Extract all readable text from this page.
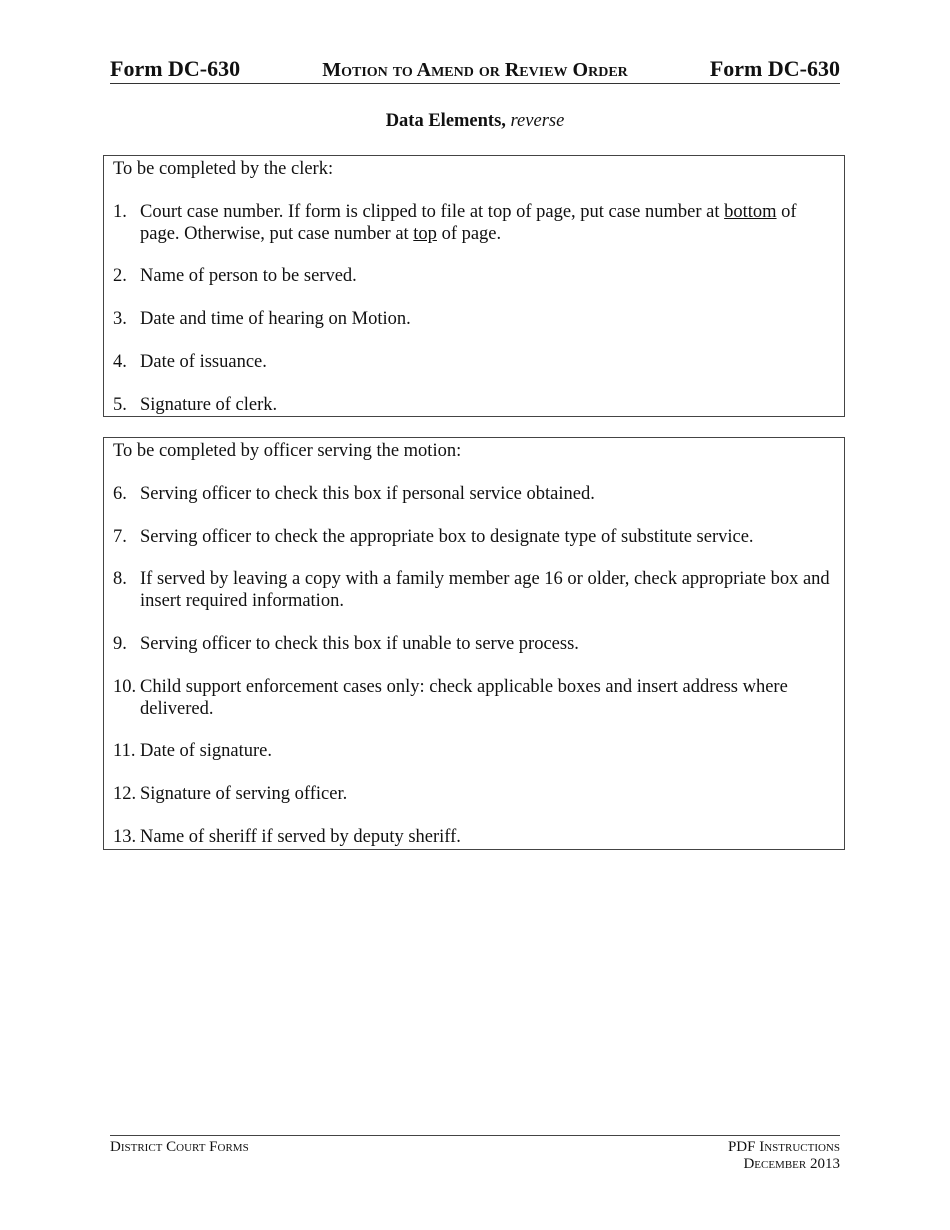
Form DC-630	Motion to Amend or Review Order	Form DC-630
Data Elements, reverse
To be completed by the clerk:
1. Court case number. If form is clipped to file at top of page, put case number at bottom of page. Otherwise, put case number at top of page.
2. Name of person to be served.
3. Date and time of hearing on Motion.
4. Date of issuance.
5. Signature of clerk.
To be completed by officer serving the motion:
6. Serving officer to check this box if personal service obtained.
7. Serving officer to check the appropriate box to designate type of substitute service.
8. If served by leaving a copy with a family member age 16 or older, check appropriate box and insert required information.
9. Serving officer to check this box if unable to serve process.
10. Child support enforcement cases only: check applicable boxes and insert address where delivered.
11. Date of signature.
12. Signature of serving officer.
13. Name of sheriff if served by deputy sheriff.
District Court Forms	PDF Instructions
December 2013
